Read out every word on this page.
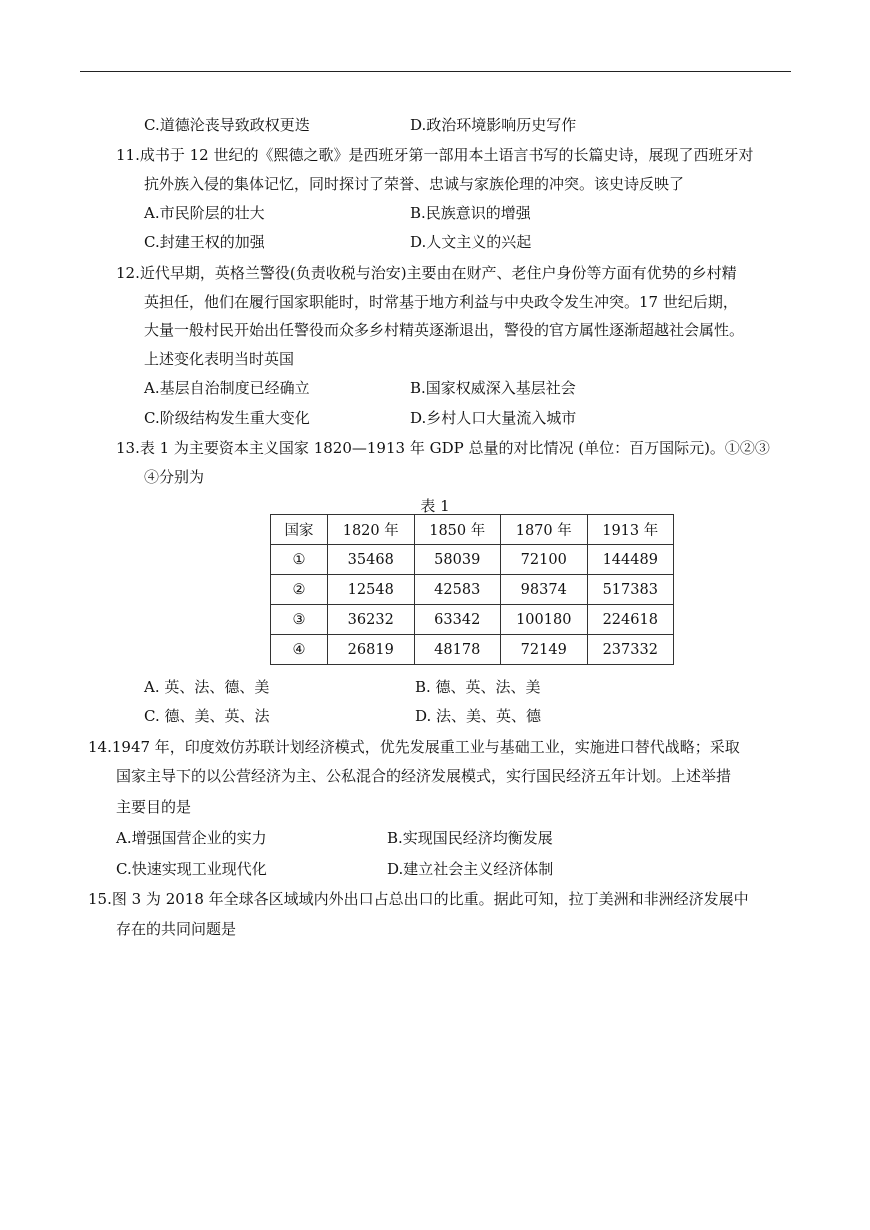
C.道德沦丧导致政权更迭	D.政治环境影响历史写作
11.成书于 12 世纪的《熙德之歌》是西班牙第一部用本土语言书写的长篇史诗，展现了西班牙对
抗外族入侵的集体记忆，同时探讨了荣誉、忠诚与家族伦理的冲突。该史诗反映了
A.市民阶层的壮大	B.民族意识的增强
C.封建王权的加强	D.人文主义的兴起
12.近代早期，英格兰警役(负责收税与治安)主要由在财产、老住户身份等方面有优势的乡村精
英担任，他们在履行国家职能时，时常基于地方利益与中央政令发生冲突。17 世纪后期，
大量一般村民开始出任警役而众多乡村精英逐渐退出，警役的官方属性逐渐超越社会属性。
上述变化表明当时英国
A.基层自治制度已经确立	B.国家权威深入基层社会
C.阶级结构发生重大变化	D.乡村人口大量流入城市
13.表 1 为主要资本主义国家 1820—1913 年 GDP 总量的对比情况 (单位：百万国际元)。①②③
④分别为
表 1
国家	1820 年	1850 年	1870 年	1913 年
①	35468	58039	72100	144489
②	12548	42583	98374	517383
③	36232	63342	100180	224618
④	26819	48178	72149	237332
A. 英、法、德、美	B. 德、英、法、美
C. 德、美、英、法	D. 法、美、英、德
14.1947 年，印度效仿苏联计划经济模式，优先发展重工业与基础工业，实施进口替代战略；采取
国家主导下的以公营经济为主、公私混合的经济发展模式，实行国民经济五年计划。上述举措
主要目的是
A.增强国营企业的实力	B.实现国民经济均衡发展
C.快速实现工业现代化	D.建立社会主义经济体制
15.图 3 为 2018 年全球各区域域内外出口占总出口的比重。据此可知，拉丁美洲和非洲经济发展中
存在的共同问题是
